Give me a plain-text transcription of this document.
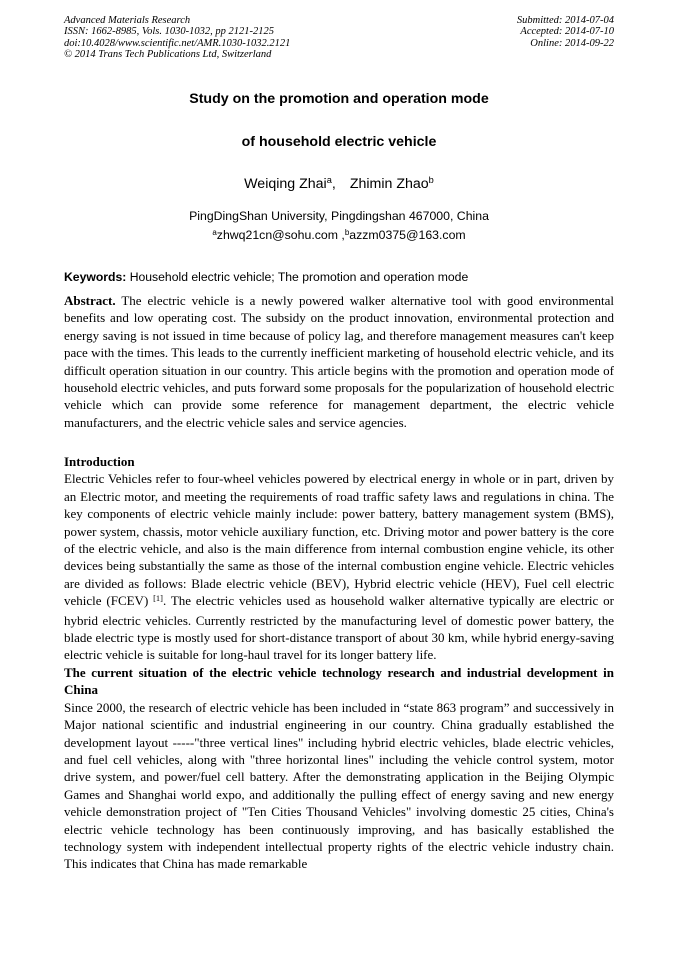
Advanced Materials Research
ISSN: 1662-8985, Vols. 1030-1032, pp 2121-2125
doi:10.4028/www.scientific.net/AMR.1030-1032.2121
© 2014 Trans Tech Publications Ltd, Switzerland
Submitted: 2014-07-04
Accepted: 2014-07-10
Online: 2014-09-22
Study on the promotion and operation mode
of household electric vehicle
Weiqing Zhai$^a$, Zhimin Zhao$^b$
PingDingShan University, Pingdingshan 467000, China
$^a$zhwq21cn@sohu.com ,$^b$azzm0375@163.com
Keywords: Household electric vehicle; The promotion and operation mode

Abstract. The electric vehicle is a newly powered walker alternative tool with good environmental benefits and low operating cost. The subsidy on the product innovation, environmental protection and energy saving is not issued in time because of policy lag, and therefore management measures can't keep pace with the times. This leads to the currently inefficient marketing of household electric vehicle, and its difficult operation situation in our country. This article begins with the promotion and operation mode of household electric vehicles, and puts forward some proposals for the popularization of household electric vehicle which can provide some reference for management department, the electric vehicle manufacturers, and the electric vehicle sales and service agencies.

Introduction

Electric Vehicles refer to four-wheel vehicles powered by electrical energy in whole or in part, driven by an Electric motor, and meeting the requirements of road traffic safety laws and regulations in china. The key components of electric vehicle mainly include: power battery, battery management system (BMS), power system, chassis, motor vehicle auxiliary function, etc. Driving motor and power battery is the core of the electric vehicle, and also is the main difference from internal combustion engine vehicle, its other devices being substantially the same as those of the internal combustion engine vehicle. Electric vehicles are divided as follows: Blade electric vehicle (BEV), Hybrid electric vehicle (HEV), Fuel cell electric vehicle (FCEV) [1]. The electric vehicles used as household walker alternative typically are electric or hybrid electric vehicles. Currently restricted by the manufacturing level of domestic power battery, the blade electric type is mostly used for short-distance transport of about 30 km, while hybrid energy-saving electric vehicle is suitable for long-haul travel for its longer battery life.

The current situation of the electric vehicle technology research and industrial development in China

Since 2000, the research of electric vehicle has been included in “state 863 program” and successively in Major national scientific and industrial engineering in our country. China gradually established the development layout -----"three vertical lines" including hybrid electric vehicles, blade electric vehicles, and fuel cell vehicles, along with "three horizontal lines" including the vehicle control system, motor drive system, and power/fuel cell battery. After the demonstrating application in the Beijing Olympic Games and Shanghai world expo, and additionally the pulling effect of energy saving and new energy vehicle demonstration project of "Ten Cities Thousand Vehicles" involving domestic 25 cities, China's electric vehicle technology has been continuously improving, and has basically established the technology system with independent intellectual property rights of the electric vehicle industry chain. This indicates that China has made remarkable
